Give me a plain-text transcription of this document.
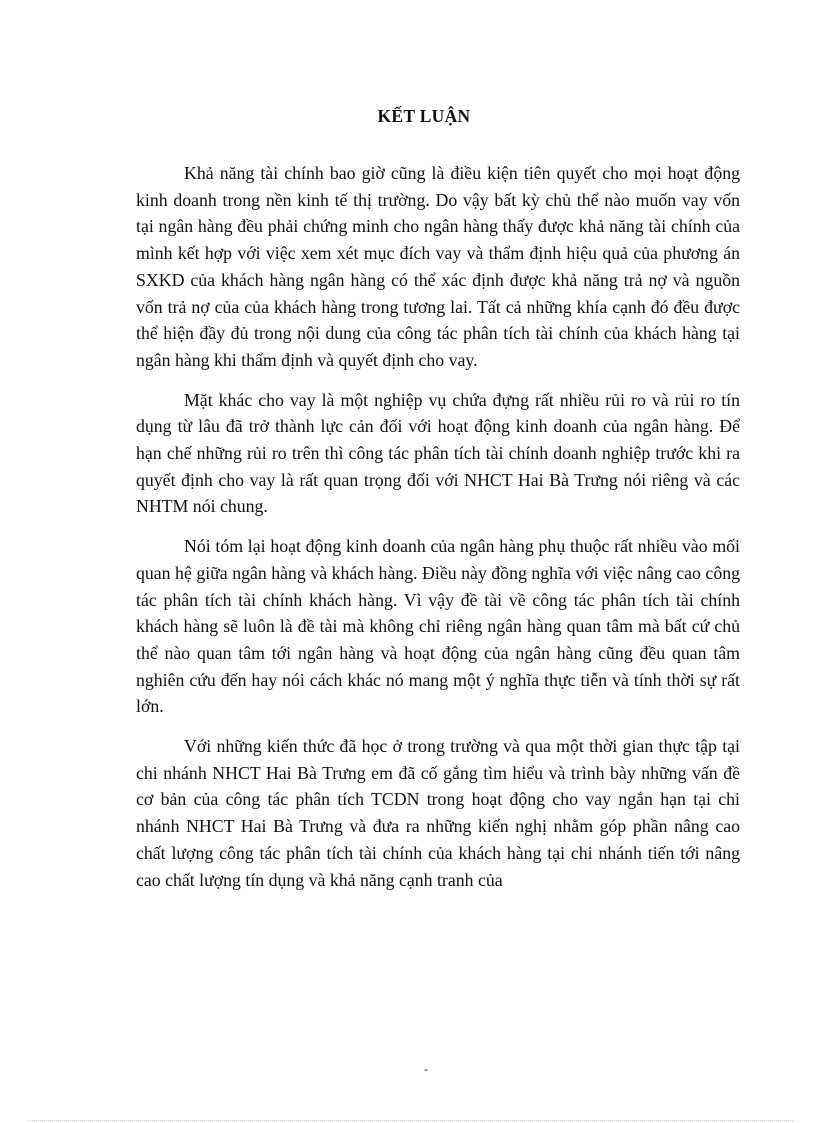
KẾT LUẬN

Khả năng tài chính bao giờ cũng là điều kiện tiên quyết cho mọi hoạt động kinh doanh trong nền kinh tế thị trường. Do vậy bất kỳ chủ thể nào muốn vay vốn tại ngân hàng đều phải chứng minh cho ngân hàng thấy được khả năng tài chính của mình kết hợp với việc xem xét mục đích vay và thẩm định hiệu quả của phương án SXKD của khách hàng ngân hàng có thể xác định được khả năng trả nợ và nguồn vốn trả nợ của của khách hàng trong tương lai. Tất cả những khía cạnh đó đều được thể hiện đầy đủ trong nội dung của công tác phân tích tài chính của khách hàng tại ngân hàng khi thẩm định và quyết định cho vay.

Mặt khác cho vay là một nghiệp vụ chứa đựng rất nhiều rủi ro và rủi ro tín dụng từ lâu đã trở thành lực cản đối với hoạt động kinh doanh của ngân hàng. Để hạn chế những rủi ro trên thì công tác phân tích tài chính doanh nghiệp trước khi ra quyết định cho vay là rất quan trọng đối với NHCT Hai Bà Trưng nói riêng và các NHTM nói chung.

Nói tóm lại hoạt động kinh doanh của ngân hàng phụ thuộc rất nhiều vào mối quan hệ giữa ngân hàng và khách hàng. Điều này đồng nghĩa với việc nâng cao công tác phân tích tài chính khách hàng. Vì vậy đề tài về công tác phân tích tài chính khách hàng sẽ luôn là đề tài mà không chỉ riêng ngân hàng quan tâm mà bất cứ chủ thể nào quan tâm tới ngân hàng và hoạt động của ngân hàng cũng đều quan tâm nghiên cứu đến hay nói cách khác nó mang một ý nghĩa thực tiễn và tính thời sự rất lớn.

Với những kiến thức đã học ở trong trường và qua một thời gian thực tập tại chi nhánh NHCT Hai Bà Trưng em đã cố gắng tìm hiểu và trình bày những vấn đề cơ bản của công tác phân tích TCDN trong hoạt động cho vay ngắn hạn tại chi nhánh NHCT Hai Bà Trưng và đưa ra những kiến nghị nhằm góp phần nâng cao chất lượng công tác phân tích tài chính của khách hàng tại chi nhánh tiến tới nâng cao chất lượng tín dụng và khả năng cạnh tranh của

-
